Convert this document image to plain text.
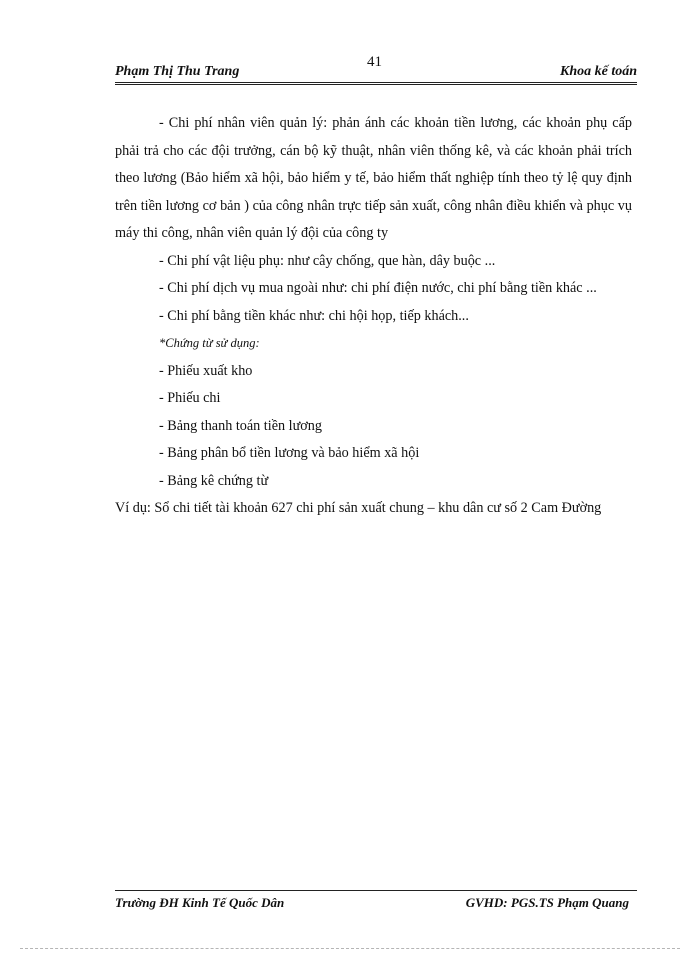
Phạm Thị Thu Trang
41
Khoa kế toán

- Chi phí nhân viên quản lý: phản ánh các khoản tiền lương, các khoản phụ cấp phải trả cho các đội trưởng, cán bộ kỹ thuật, nhân viên thống kê, và các khoản phải trích theo lương (Bảo hiểm xã hội, bảo hiểm y tế, bảo hiểm thất nghiệp tính theo tỷ lệ quy định trên tiền lương cơ bản ) của công nhân trực tiếp sản xuất, công nhân điều khiển và phục vụ máy thi công, nhân viên quản lý đội của công ty

- Chi phí vật liệu phụ: như cây chống, que hàn, dây buộc ...

- Chi phí dịch vụ mua ngoài như: chi phí điện nước, chi phí bằng tiền khác ...

- Chi phí bằng tiền khác như: chi hội họp, tiếp khách...

*Chứng từ sử dụng:

- Phiếu xuất kho

- Phiếu chi

- Bảng thanh toán tiền lương

- Bảng phân bổ tiền lương và bảo hiểm xã hội

- Bảng kê chứng từ

Ví dụ: Sổ chi tiết tài khoản 627 chi phí sản xuất chung – khu dân cư số 2 Cam Đường

Trường ĐH Kinh Tế Quốc Dân	GVHD: PGS.TS Phạm Quang
